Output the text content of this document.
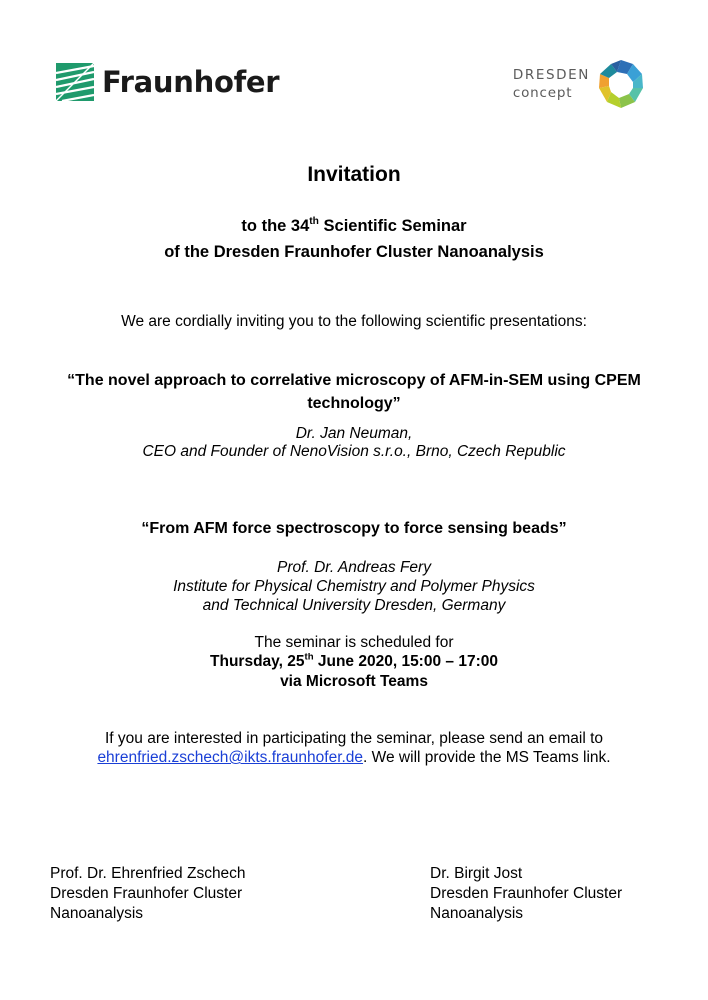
Fraunhofer	DRESDEN
concept
Invitation
to the 34th Scientific Seminar
of the Dresden Fraunhofer Cluster Nanoanalysis
We are cordially inviting you to the following scientific presentations:
“The novel approach to correlative microscopy of AFM-in-SEM using CPEM technology”
Dr. Jan Neuman,
CEO and Founder of NenoVision s.r.o., Brno, Czech Republic
“From AFM force spectroscopy to force sensing beads”
Prof. Dr. Andreas Fery
Institute for Physical Chemistry and Polymer Physics
and Technical University Dresden, Germany
The seminar is scheduled for
Thursday, 25th June 2020, 15:00 – 17:00
via Microsoft Teams
If you are interested in participating the seminar, please send an email to
ehrenfried.zschech@ikts.fraunhofer.de. We will provide the MS Teams link.
Prof. Dr. Ehrenfried Zschech
Dresden Fraunhofer Cluster
Nanoanalysis
Dr. Birgit Jost
Dresden Fraunhofer Cluster
Nanoanalysis
